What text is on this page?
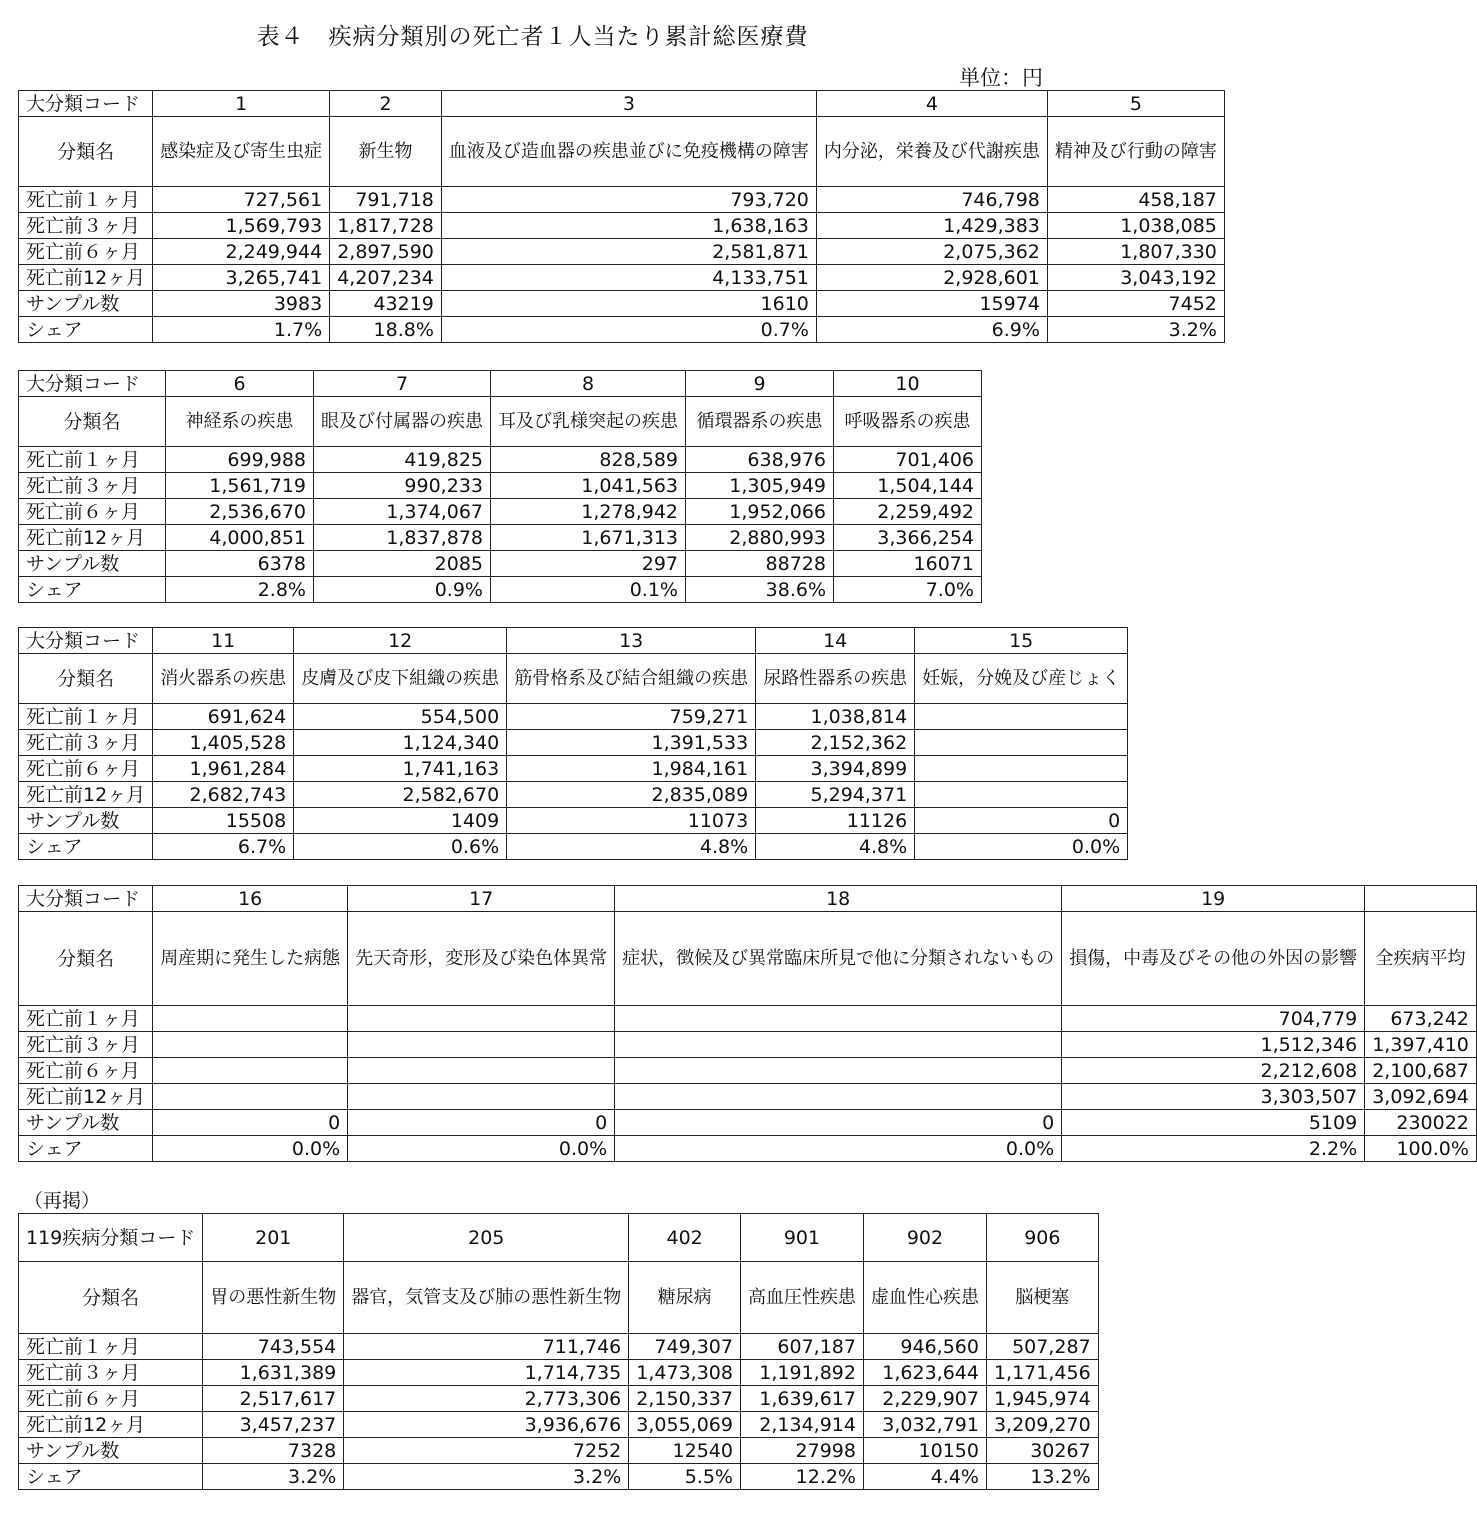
表４　疾病分類別の死亡者１人当たり累計総医療費
単位：円
大分類コード	1	2	3	4	5
分類名	感染症及び寄生虫症	新生物	血液及び造血器の疾患並びに免疫機構の障害	内分泌，栄養及び代謝疾患	精神及び行動の障害
死亡前１ヶ月	727,561	791,718	793,720	746,798	458,187
死亡前３ヶ月	1,569,793	1,817,728	1,638,163	1,429,383	1,038,085
死亡前６ヶ月	2,249,944	2,897,590	2,581,871	2,075,362	1,807,330
死亡前12ヶ月	3,265,741	4,207,234	4,133,751	2,928,601	3,043,192
サンプル数	3983	43219	1610	15974	7452
シェア	1.7%	18.8%	0.7%	6.9%	3.2%
大分類コード	6	7	8	9	10
分類名	神経系の疾患	眼及び付属器の疾患	耳及び乳様突起の疾患	循環器系の疾患	呼吸器系の疾患
死亡前１ヶ月	699,988	419,825	828,589	638,976	701,406
死亡前３ヶ月	1,561,719	990,233	1,041,563	1,305,949	1,504,144
死亡前６ヶ月	2,536,670	1,374,067	1,278,942	1,952,066	2,259,492
死亡前12ヶ月	4,000,851	1,837,878	1,671,313	2,880,993	3,366,254
サンプル数	6378	2085	297	88728	16071
シェア	2.8%	0.9%	0.1%	38.6%	7.0%
大分類コード	11	12	13	14	15
分類名	消火器系の疾患	皮膚及び皮下組織の疾患	筋骨格系及び結合組織の疾患	尿路性器系の疾患	妊娠，分娩及び産じょく
死亡前１ヶ月	691,624	554,500	759,271	1,038,814	
死亡前３ヶ月	1,405,528	1,124,340	1,391,533	2,152,362	
死亡前６ヶ月	1,961,284	1,741,163	1,984,161	3,394,899	
死亡前12ヶ月	2,682,743	2,582,670	2,835,089	5,294,371	
サンプル数	15508	1409	11073	11126	0
シェア	6.7%	0.6%	4.8%	4.8%	0.0%
大分類コード	16	17	18	19	
分類名	周産期に発生した病態	先天奇形，変形及び染色体異常	症状，徴候及び異常臨床所見で他に分類されないもの	損傷，中毒及びその他の外因の影響	全疾病平均
死亡前１ヶ月				704,779	673,242
死亡前３ヶ月				1,512,346	1,397,410
死亡前６ヶ月				2,212,608	2,100,687
死亡前12ヶ月				3,303,507	3,092,694
サンプル数	0	0	0	5109	230022
シェア	0.0%	0.0%	0.0%	2.2%	100.0%
（再掲）
119疾病分類コード	201	205	402	901	902	906
分類名	胃の悪性新生物	器官，気管支及び肺の悪性新生物	糖尿病	高血圧性疾患	虚血性心疾患	脳梗塞
死亡前１ヶ月	743,554	711,746	749,307	607,187	946,560	507,287
死亡前３ヶ月	1,631,389	1,714,735	1,473,308	1,191,892	1,623,644	1,171,456
死亡前６ヶ月	2,517,617	2,773,306	2,150,337	1,639,617	2,229,907	1,945,974
死亡前12ヶ月	3,457,237	3,936,676	3,055,069	2,134,914	3,032,791	3,209,270
サンプル数	7328	7252	12540	27998	10150	30267
シェア	3.2%	3.2%	5.5%	12.2%	4.4%	13.2%
